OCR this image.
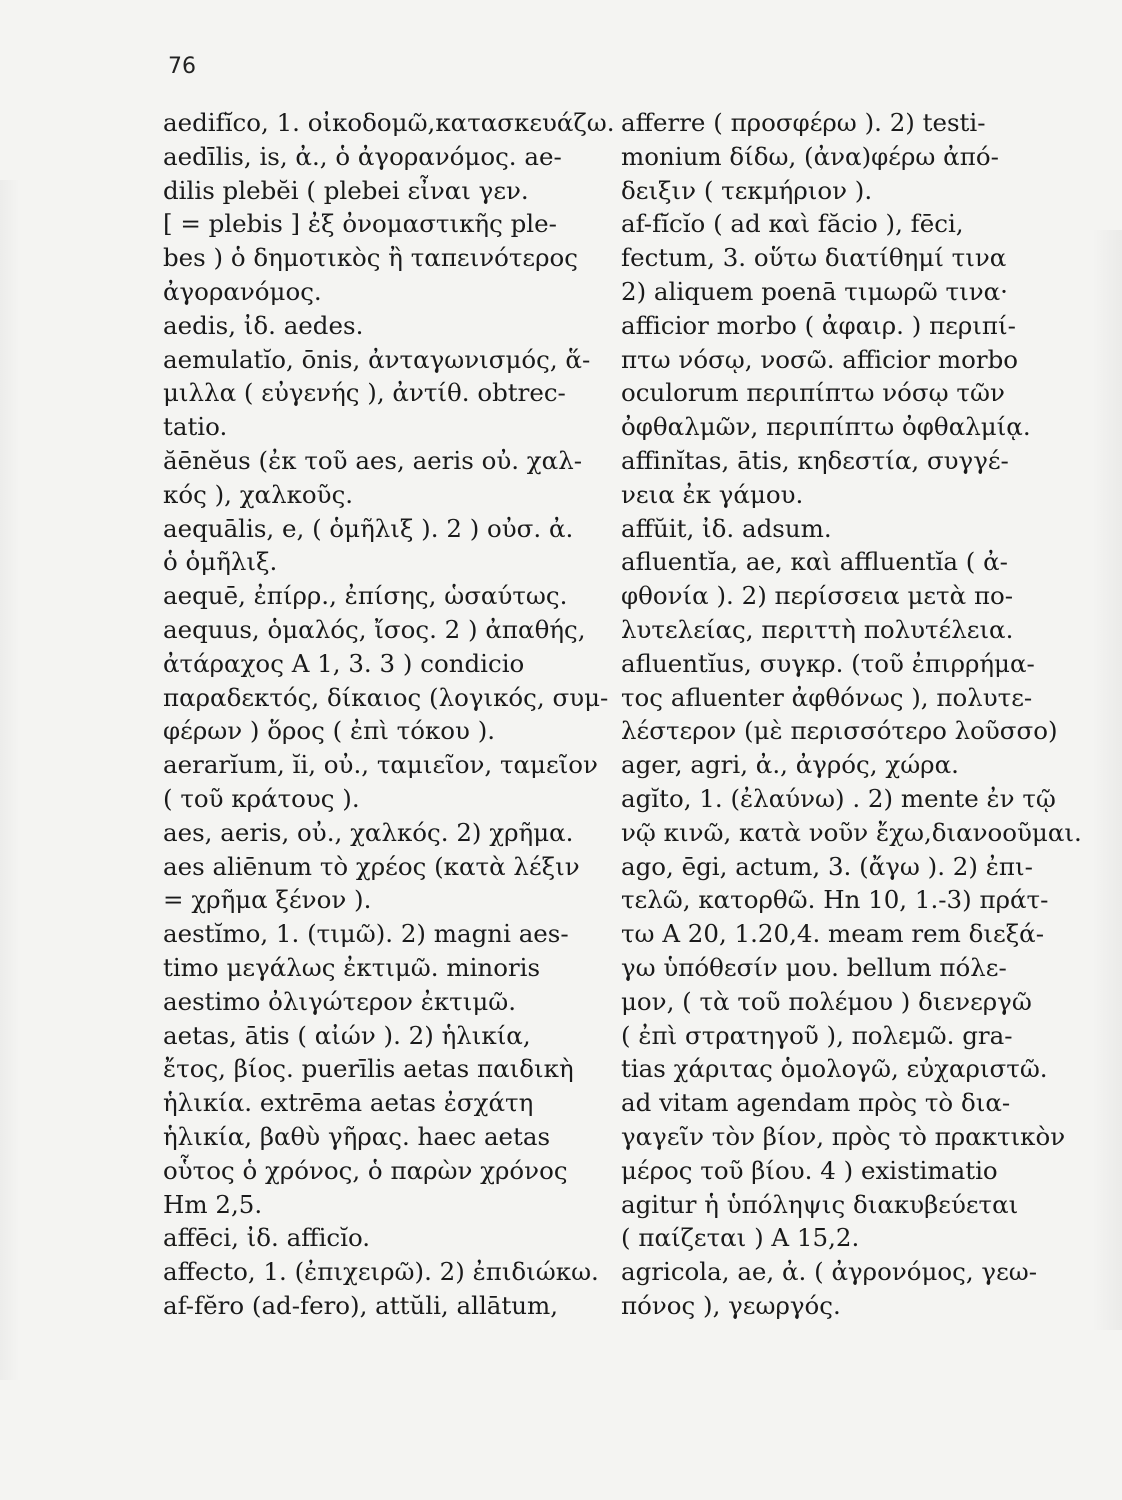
76
aedifĭco, 1. οἰκοδομῶ,κατασκευάζω.
aedīlis, is, ἀ., ὁ ἀγορανόμος. ae-
dilis plebĕi ( plebei εἶναι γεν.
[ = plebis ] ἐξ ὀνομαστικῆς ple-
bes ) ὁ δημοτικὸς ἢ ταπεινότερος
ἀγορανόμος.
aedis, ἰδ. aedes.
aemulatĭo, ōnis, ἀνταγωνισμός, ἅ-
μιλλα ( εὐγενής ), ἀντίθ. obtrec-
tatio.
ăēnĕus (ἐκ τοῦ aes, aeris οὐ. χαλ-
κός ), χαλκοῦς.
aequālis, e, ( ὁμῆλιξ ). 2 ) οὐσ. ἀ.
ὁ ὁμῆλιξ.
aequē, ἐπίρρ., ἐπίσης, ὡσαύτως.
aequus, ὁμαλός, ἴσος. 2 ) ἀπαθής,
ἀτάραχος A 1, 3. 3 ) condicio
παραδεκτός, δίκαιος (λογικός, συμ-
φέρων ) ὅρος ( ἐπὶ τόκου ).
aerarĭum, ĭi, οὐ., ταμιεῖον, ταμεῖον
( τοῦ κράτους ).
aes, aeris, οὐ., χαλκός. 2) χρῆμα.
aes aliēnum τὸ χρέος (κατὰ λέξιν
= χρῆμα ξένον ).
aestĭmo, 1. (τιμῶ). 2) magni aes-
timo μεγάλως ἐκτιμῶ. minoris
aestimo ὀλιγώτερον ἐκτιμῶ.
aetas, ātis ( αἰών ). 2) ἡλικία,
ἔτος, βίος. puerīlis aetas παιδικὴ
ἡλικία. extrēma aetas ἐσχάτη
ἡλικία, βαθὺ γῆρας. haec aetas
οὗτος ὁ χρόνος, ὁ παρὼν χρόνος
Hm 2,5.
affēci, ἰδ. afficĭo.
affecto, 1. (ἐπιχειρῶ). 2) ἐπιδιώκω.
af-fĕro (ad-fero), attŭli, allātum,
afferre ( προσφέρω ). 2) testi-
monium δίδω, (ἀνα)φέρω ἀπό-
δειξιν ( τεκμήριον ).
af-fĭcĭo ( ad καὶ făcio ), fēci,
fectum, 3. οὕτω διατίθημί τινα
2) aliquem poenā τιμωρῶ τινα·
afficior morbo ( ἀφαιρ. ) περιπί-
πτω νόσῳ, νοσῶ. afficior morbo
oculorum περιπίπτω νόσῳ τῶν
ὀφθαλμῶν, περιπίπτω ὀφθαλμίᾳ.
affinĭtas, ātis, κηδεστία, συγγέ-
νεια ἐκ γάμου.
affŭit, ἰδ. adsum.
afluentĭa, ae, καὶ affluentĭa ( ἀ-
φθονία ). 2) περίσσεια μετὰ πο-
λυτελείας, περιττὴ πολυτέλεια.
afluentĭus, συγκρ. (τοῦ ἐπιρρήμα-
τος afluenter ἀφθόνως ), πολυτε-
λέστερον (μὲ περισσότερο λοῦσσο)
ager, agri, ἀ., ἀγρός, χώρα.
agĭto, 1. (ἐλαύνω) . 2) mente ἐν τῷ
νῷ κινῶ, κατὰ νοῦν ἔχω,διανοοῦμαι.
ago, ēgi, actum, 3. (ἄγω ). 2) ἐπι-
τελῶ, κατορθῶ. Hn 10, 1.-3) πράτ-
τω A 20, 1.20,4. meam rem διεξά-
γω ὑπόθεσίν μου. bellum πόλε-
μον, ( τὰ τοῦ πολέμου ) διενεργῶ
( ἐπὶ στρατηγοῦ ), πολεμῶ. gra-
tias χάριτας ὁμολογῶ, εὐχαριστῶ.
ad vitam agendam πρὸς τὸ δια-
γαγεῖν τὸν βίον, πρὸς τὸ πρακτικὸν
μέρος τοῦ βίου. 4 ) existimatio
agitur ἡ ὑπόληψις διακυβεύεται
( παίζεται ) A 15,2.
agricola, ae, ἀ. ( ἀγρονόμος, γεω-
πόνος ), γεωργός.
